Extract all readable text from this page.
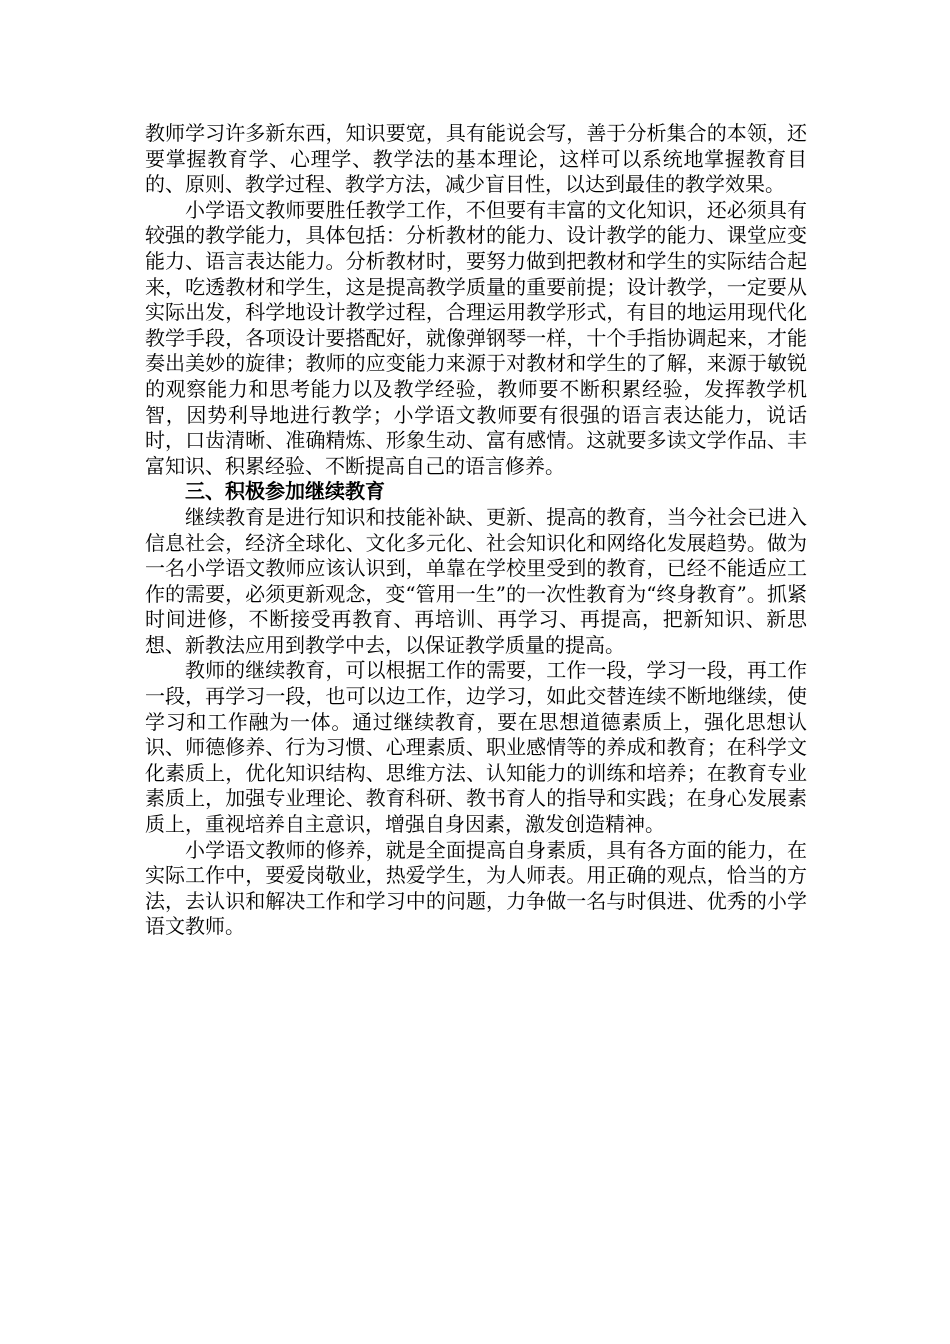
教师学习许多新东西，知识要宽，具有能说会写，善于分析集合的本领，还要掌握教育学、心理学、教学法的基本理论，这样可以系统地掌握教育目的、原则、教学过程、教学方法，减少盲目性，以达到最佳的教学效果。

小学语文教师要胜任教学工作，不但要有丰富的文化知识，还必须具有较强的教学能力，具体包括：分析教材的能力、设计教学的能力、课堂应变能力、语言表达能力。分析教材时，要努力做到把教材和学生的实际结合起来，吃透教材和学生，这是提高教学质量的重要前提；设计教学，一定要从实际出发，科学地设计教学过程，合理运用教学形式，有目的地运用现代化教学手段，各项设计要搭配好，就像弹钢琴一样，十个手指协调起来，才能奏出美妙的旋律；教师的应变能力来源于对教材和学生的了解，来源于敏锐的观察能力和思考能力以及教学经验，教师要不断积累经验，发挥教学机智，因势利导地进行教学；小学语文教师要有很强的语言表达能力，说话时，口齿清晰、准确精炼、形象生动、富有感情。这就要多读文学作品、丰富知识、积累经验、不断提高自己的语言修养。

三、积极参加继续教育

继续教育是进行知识和技能补缺、更新、提高的教育，当今社会已进入信息社会，经济全球化、文化多元化、社会知识化和网络化发展趋势。做为一名小学语文教师应该认识到，单靠在学校里受到的教育，已经不能适应工作的需要，必须更新观念，变“管用一生”的一次性教育为“终身教育”。抓紧时间进修，不断接受再教育、再培训、再学习、再提高，把新知识、新思想、新教法应用到教学中去，以保证教学质量的提高。

教师的继续教育，可以根据工作的需要，工作一段，学习一段，再工作一段，再学习一段，也可以边工作，边学习，如此交替连续不断地继续，使学习和工作融为一体。通过继续教育，要在思想道德素质上，强化思想认识、师德修养、行为习惯、心理素质、职业感情等的养成和教育；在科学文化素质上，优化知识结构、思维方法、认知能力的训练和培养；在教育专业素质上，加强专业理论、教育科研、教书育人的指导和实践；在身心发展素质上，重视培养自主意识，增强自身因素，激发创造精神。

小学语文教师的修养，就是全面提高自身素质，具有各方面的能力，在实际工作中，要爱岗敬业，热爱学生，为人师表。用正确的观点，恰当的方法，去认识和解决工作和学习中的问题，力争做一名与时俱进、优秀的小学语文教师。
